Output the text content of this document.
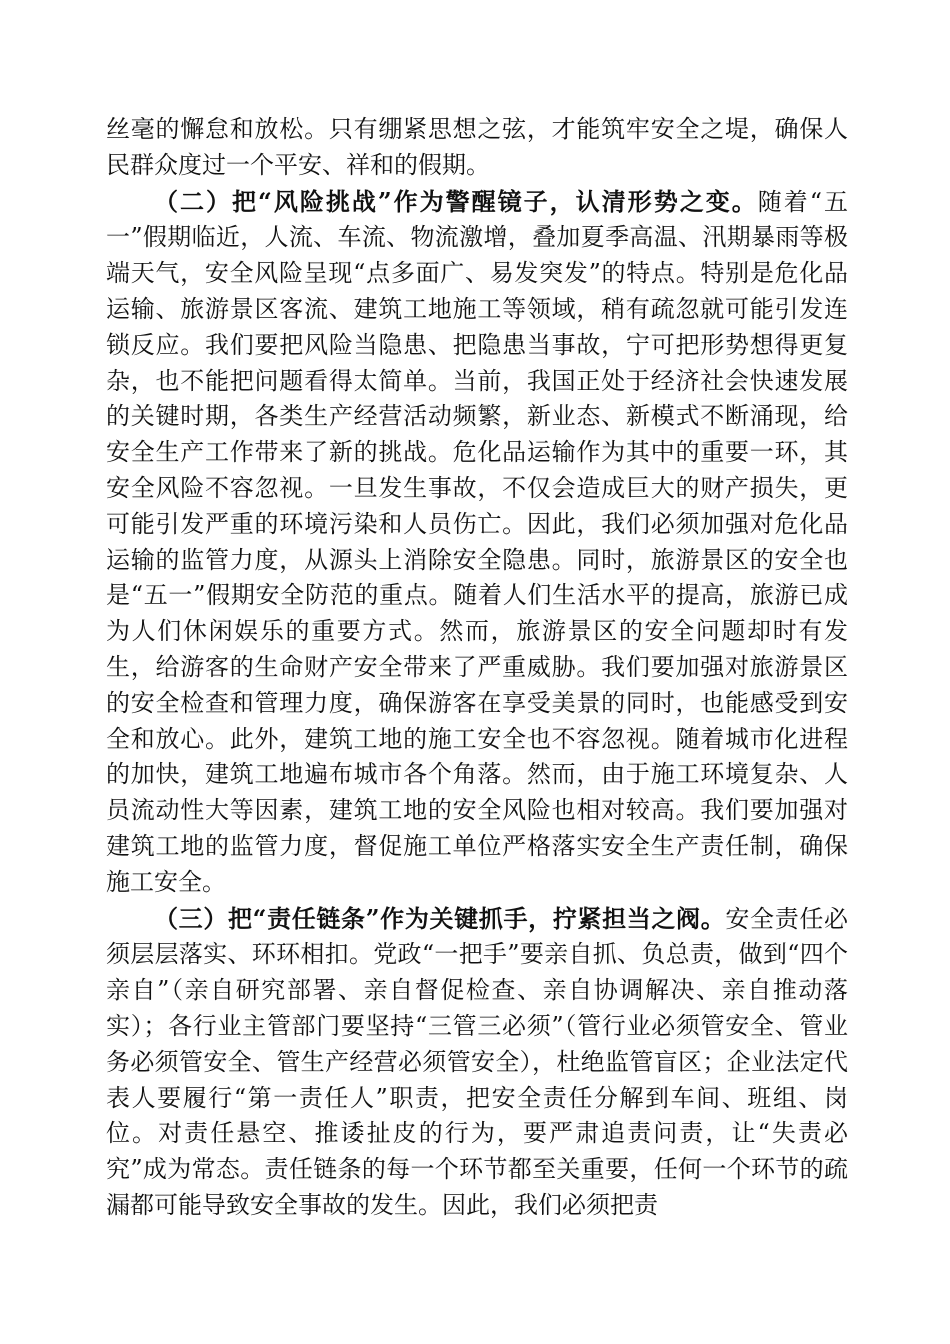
丝毫的懈怠和放松。只有绷紧思想之弦，才能筑牢安全之堤，确保人民群众度过一个平安、祥和的假期。

（二）把“风险挑战”作为警醒镜子，认清形势之变。随着“五一”假期临近，人流、车流、物流激增，叠加夏季高温、汛期暴雨等极端天气，安全风险呈现“点多面广、易发突发”的特点。特别是危化品运输、旅游景区客流、建筑工地施工等领域，稍有疏忽就可能引发连锁反应。我们要把风险当隐患、把隐患当事故，宁可把形势想得更复杂，也不能把问题看得太简单。当前，我国正处于经济社会快速发展的关键时期，各类生产经营活动频繁，新业态、新模式不断涌现，给安全生产工作带来了新的挑战。危化品运输作为其中的重要一环，其安全风险不容忽视。一旦发生事故，不仅会造成巨大的财产损失，更可能引发严重的环境污染和人员伤亡。因此，我们必须加强对危化品运输的监管力度，从源头上消除安全隐患。同时，旅游景区的安全也是“五一”假期安全防范的重点。随着人们生活水平的提高，旅游已成为人们休闲娱乐的重要方式。然而，旅游景区的安全问题却时有发生，给游客的生命财产安全带来了严重威胁。我们要加强对旅游景区的安全检查和管理力度，确保游客在享受美景的同时，也能感受到安全和放心。此外，建筑工地的施工安全也不容忽视。随着城市化进程的加快，建筑工地遍布城市各个角落。然而，由于施工环境复杂、人员流动性大等因素，建筑工地的安全风险也相对较高。我们要加强对建筑工地的监管力度，督促施工单位严格落实安全生产责任制，确保施工安全。

（三）把“责任链条”作为关键抓手，拧紧担当之阀。安全责任必须层层落实、环环相扣。党政“一把手”要亲自抓、负总责，做到“四个亲自”（亲自研究部署、亲自督促检查、亲自协调解决、亲自推动落实）；各行业主管部门要坚持“三管三必须”（管行业必须管安全、管业务必须管安全、管生产经营必须管安全），杜绝监管盲区；企业法定代表人要履行“第一责任人”职责，把安全责任分解到车间、班组、岗位。对责任悬空、推诿扯皮的行为，要严肃追责问责，让“失责必究”成为常态。责任链条的每一个环节都至关重要，任何一个环节的疏漏都可能导致安全事故的发生。因此，我们必须把责
